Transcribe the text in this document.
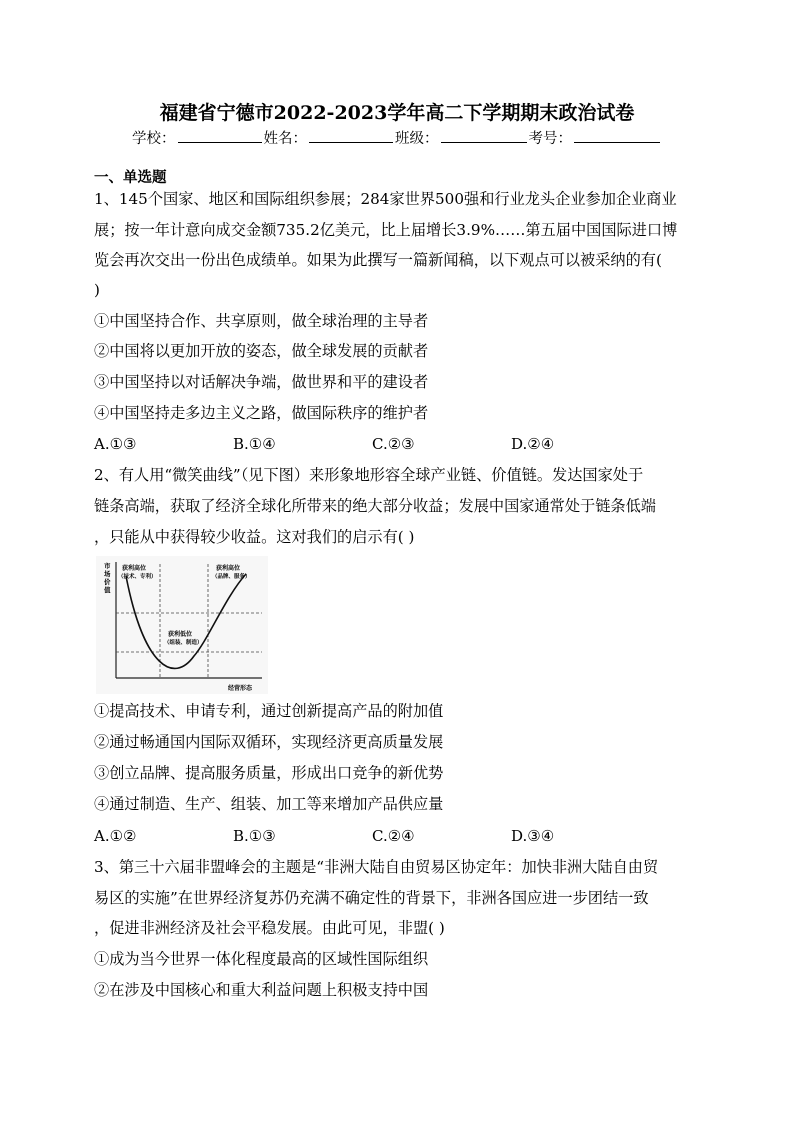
福建省宁德市2022-2023学年高二下学期期末政治试卷
学校：	姓名：	班级：	考号：
一、单选题
1、145个国家、地区和国际组织参展；284家世界500强和行业龙头企业参加企业商业
展；按一年计意向成交金额735.2亿美元，比上届增长3.9%……第五届中国国际进口博
览会再次交出一份出色成绩单。如果为此撰写一篇新闻稿，以下观点可以被采纳的有(
)
①中国坚持合作、共享原则，做全球治理的主导者
②中国将以更加开放的姿态，做全球发展的贡献者
③中国坚持以对话解决争端，做世界和平的建设者
④中国坚持走多边主义之路，做国际秩序的维护者
A.①③	B.①④	C.②③	D.②④
2、有人用“微笑曲线”（见下图）来形象地形容全球产业链、价值链。发达国家处于
链条高端，获取了经济全球化所带来的绝大部分收益；发展中国家通常处于链条低端
，只能从中获得较少收益。这对我们的启示有( )
市
场
价
值
获利高位
（技术、专利）
获利高位
（品牌、服务）
获利低位
（组装、制造）
经营形态
①提高技术、申请专利，通过创新提高产品的附加值
②通过畅通国内国际双循环，实现经济更高质量发展
③创立品牌、提高服务质量，形成出口竞争的新优势
④通过制造、生产、组装、加工等来增加产品供应量
A.①②	B.①③	C.②④	D.③④
3、第三十六届非盟峰会的主题是“非洲大陆自由贸易区协定年：加快非洲大陆自由贸
易区的实施”在世界经济复苏仍充满不确定性的背景下，非洲各国应进一步团结一致
，促进非洲经济及社会平稳发展。由此可见，非盟( )
①成为当今世界一体化程度最高的区域性国际组织
②在涉及中国核心和重大利益问题上积极支持中国
